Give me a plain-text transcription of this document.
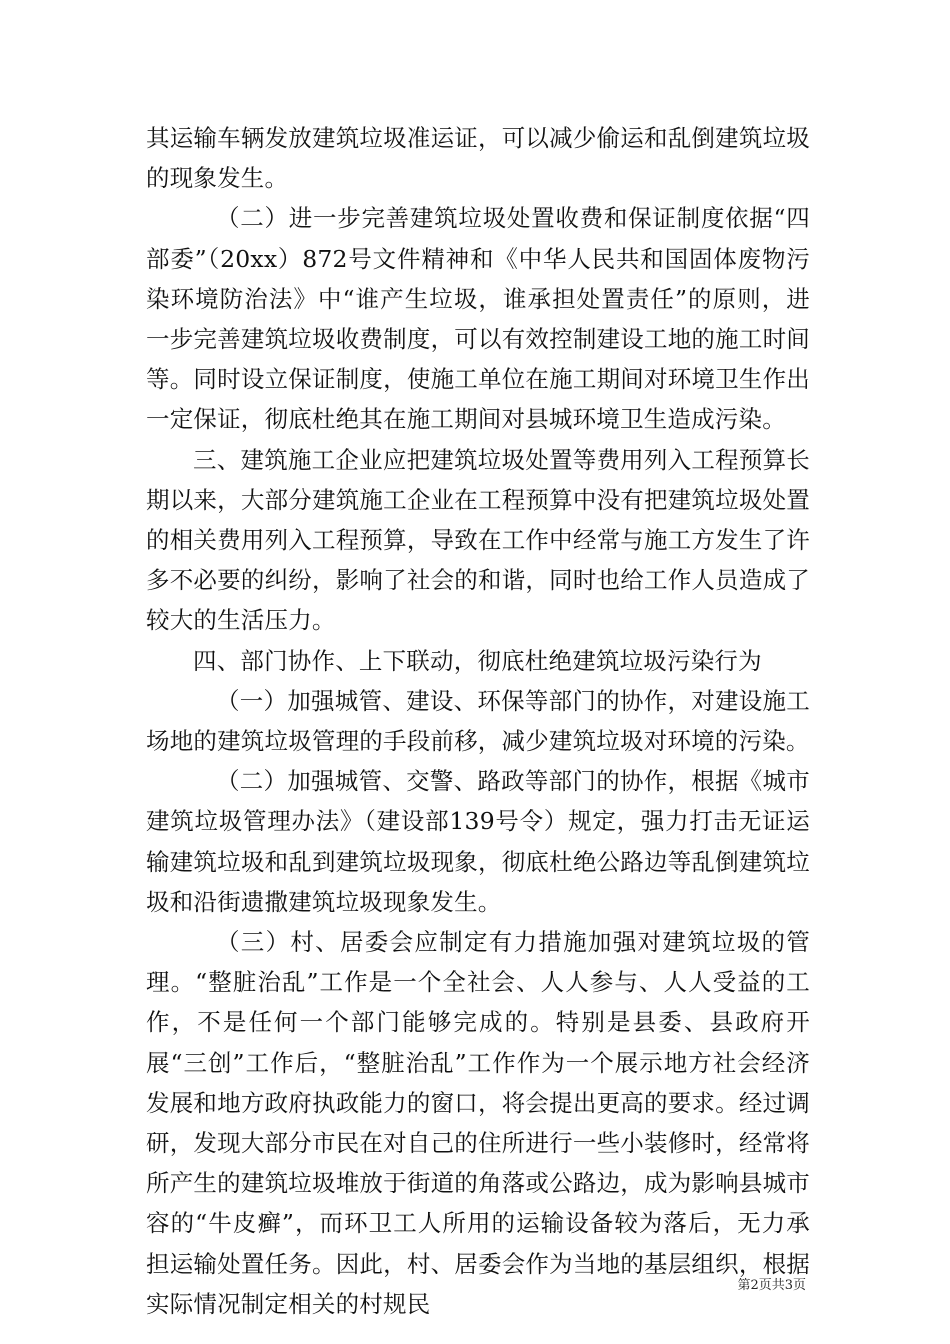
其运输车辆发放建筑垃圾准运证，可以减少偷运和乱倒建筑垃圾的现象发生。

（二）进一步完善建筑垃圾处置收费和保证制度依据“四部委”（20xx）872号文件精神和《中华人民共和国固体废物污染环境防治法》中“谁产生垃圾，谁承担处置责任”的原则，进一步完善建筑垃圾收费制度，可以有效控制建设工地的施工时间等。同时设立保证制度，使施工单位在施工期间对环境卫生作出一定保证，彻底杜绝其在施工期间对县城环境卫生造成污染。

三、建筑施工企业应把建筑垃圾处置等费用列入工程预算长期以来，大部分建筑施工企业在工程预算中没有把建筑垃圾处置的相关费用列入工程预算，导致在工作中经常与施工方发生了许多不必要的纠纷，影响了社会的和谐，同时也给工作人员造成了较大的生活压力。

四、部门协作、上下联动，彻底杜绝建筑垃圾污染行为

（一）加强城管、建设、环保等部门的协作，对建设施工场地的建筑垃圾管理的手段前移，减少建筑垃圾对环境的污染。

（二）加强城管、交警、路政等部门的协作，根据《城市建筑垃圾管理办法》（建设部139号令）规定，强力打击无证运输建筑垃圾和乱到建筑垃圾现象，彻底杜绝公路边等乱倒建筑垃圾和沿街遗撒建筑垃圾现象发生。

（三）村、居委会应制定有力措施加强对建筑垃圾的管理。“整脏治乱”工作是一个全社会、人人参与、人人受益的工作，不是任何一个部门能够完成的。特别是县委、县政府开展“三创”工作后，“整脏治乱”工作作为一个展示地方社会经济发展和地方政府执政能力的窗口，将会提出更高的要求。经过调研，发现大部分市民在对自己的住所进行一些小装修时，经常将所产生的建筑垃圾堆放于街道的角落或公路边，成为影响县城市容的“牛皮癣”，而环卫工人所用的运输设备较为落后，无力承担运输处置任务。因此，村、居委会作为当地的基层组织，根据实际情况制定相关的村规民

第2页共3页
